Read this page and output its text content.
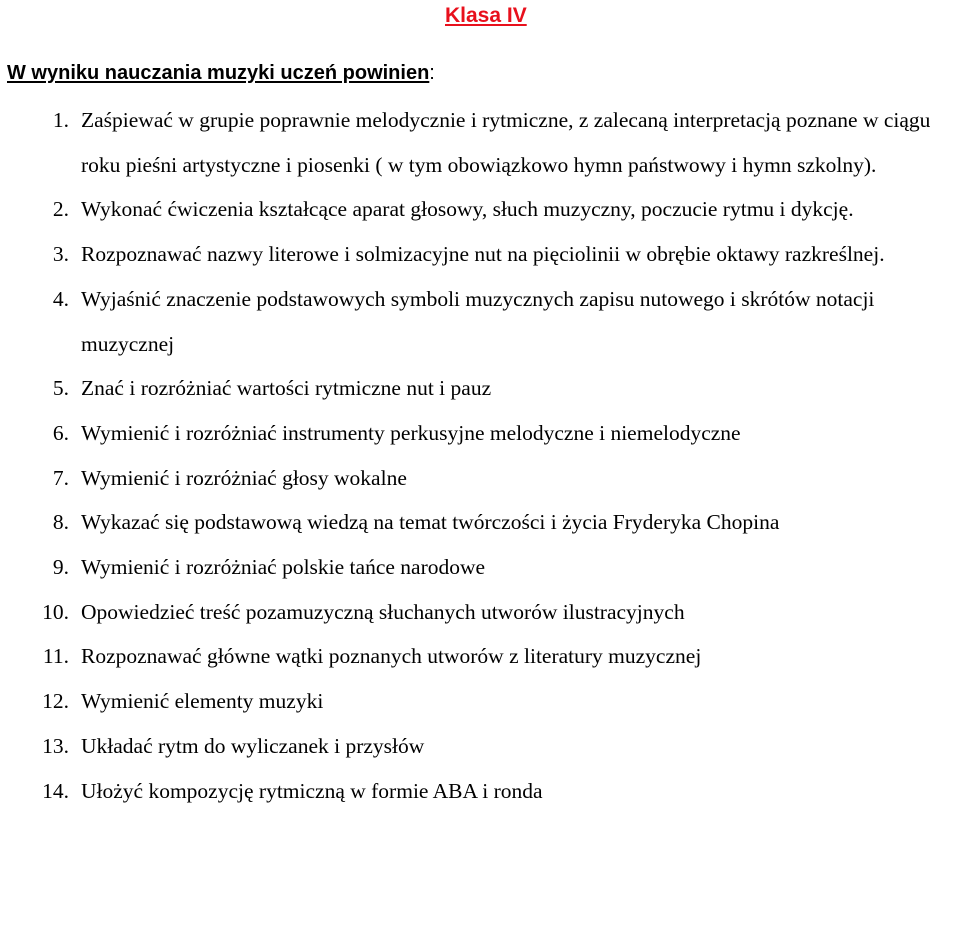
Klasa IV

W wyniku nauczania muzyki uczeń powinien:

1. Zaśpiewać w grupie poprawnie melodycznie i rytmiczne, z zalecaną interpretacją poznane w ciągu roku pieśni artystyczne i piosenki ( w tym obowiązkowo hymn państwowy i hymn szkolny).
2. Wykonać ćwiczenia kształcące aparat głosowy, słuch muzyczny, poczucie rytmu i dykcję.
3. Rozpoznawać nazwy literowe i solmizacyjne nut na pięciolinii w obrębie oktawy razkreślnej.
4. Wyjaśnić znaczenie podstawowych symboli muzycznych zapisu nutowego i skrótów notacji muzycznej
5. Znać i rozróżniać wartości rytmiczne nut i pauz
6. Wymienić i rozróżniać instrumenty perkusyjne melodyczne i niemelodyczne
7. Wymienić i rozróżniać głosy wokalne
8. Wykazać się podstawową wiedzą na temat twórczości i życia Fryderyka Chopina
9. Wymienić i rozróżniać polskie tańce narodowe
10. Opowiedzieć treść pozamuzyczną słuchanych utworów ilustracyjnych
11. Rozpoznawać główne wątki poznanych utworów z literatury muzycznej
12. Wymienić elementy muzyki
13. Układać rytm do wyliczanek i przysłów
14. Ułożyć kompozycję rytmiczną w formie ABA i ronda
